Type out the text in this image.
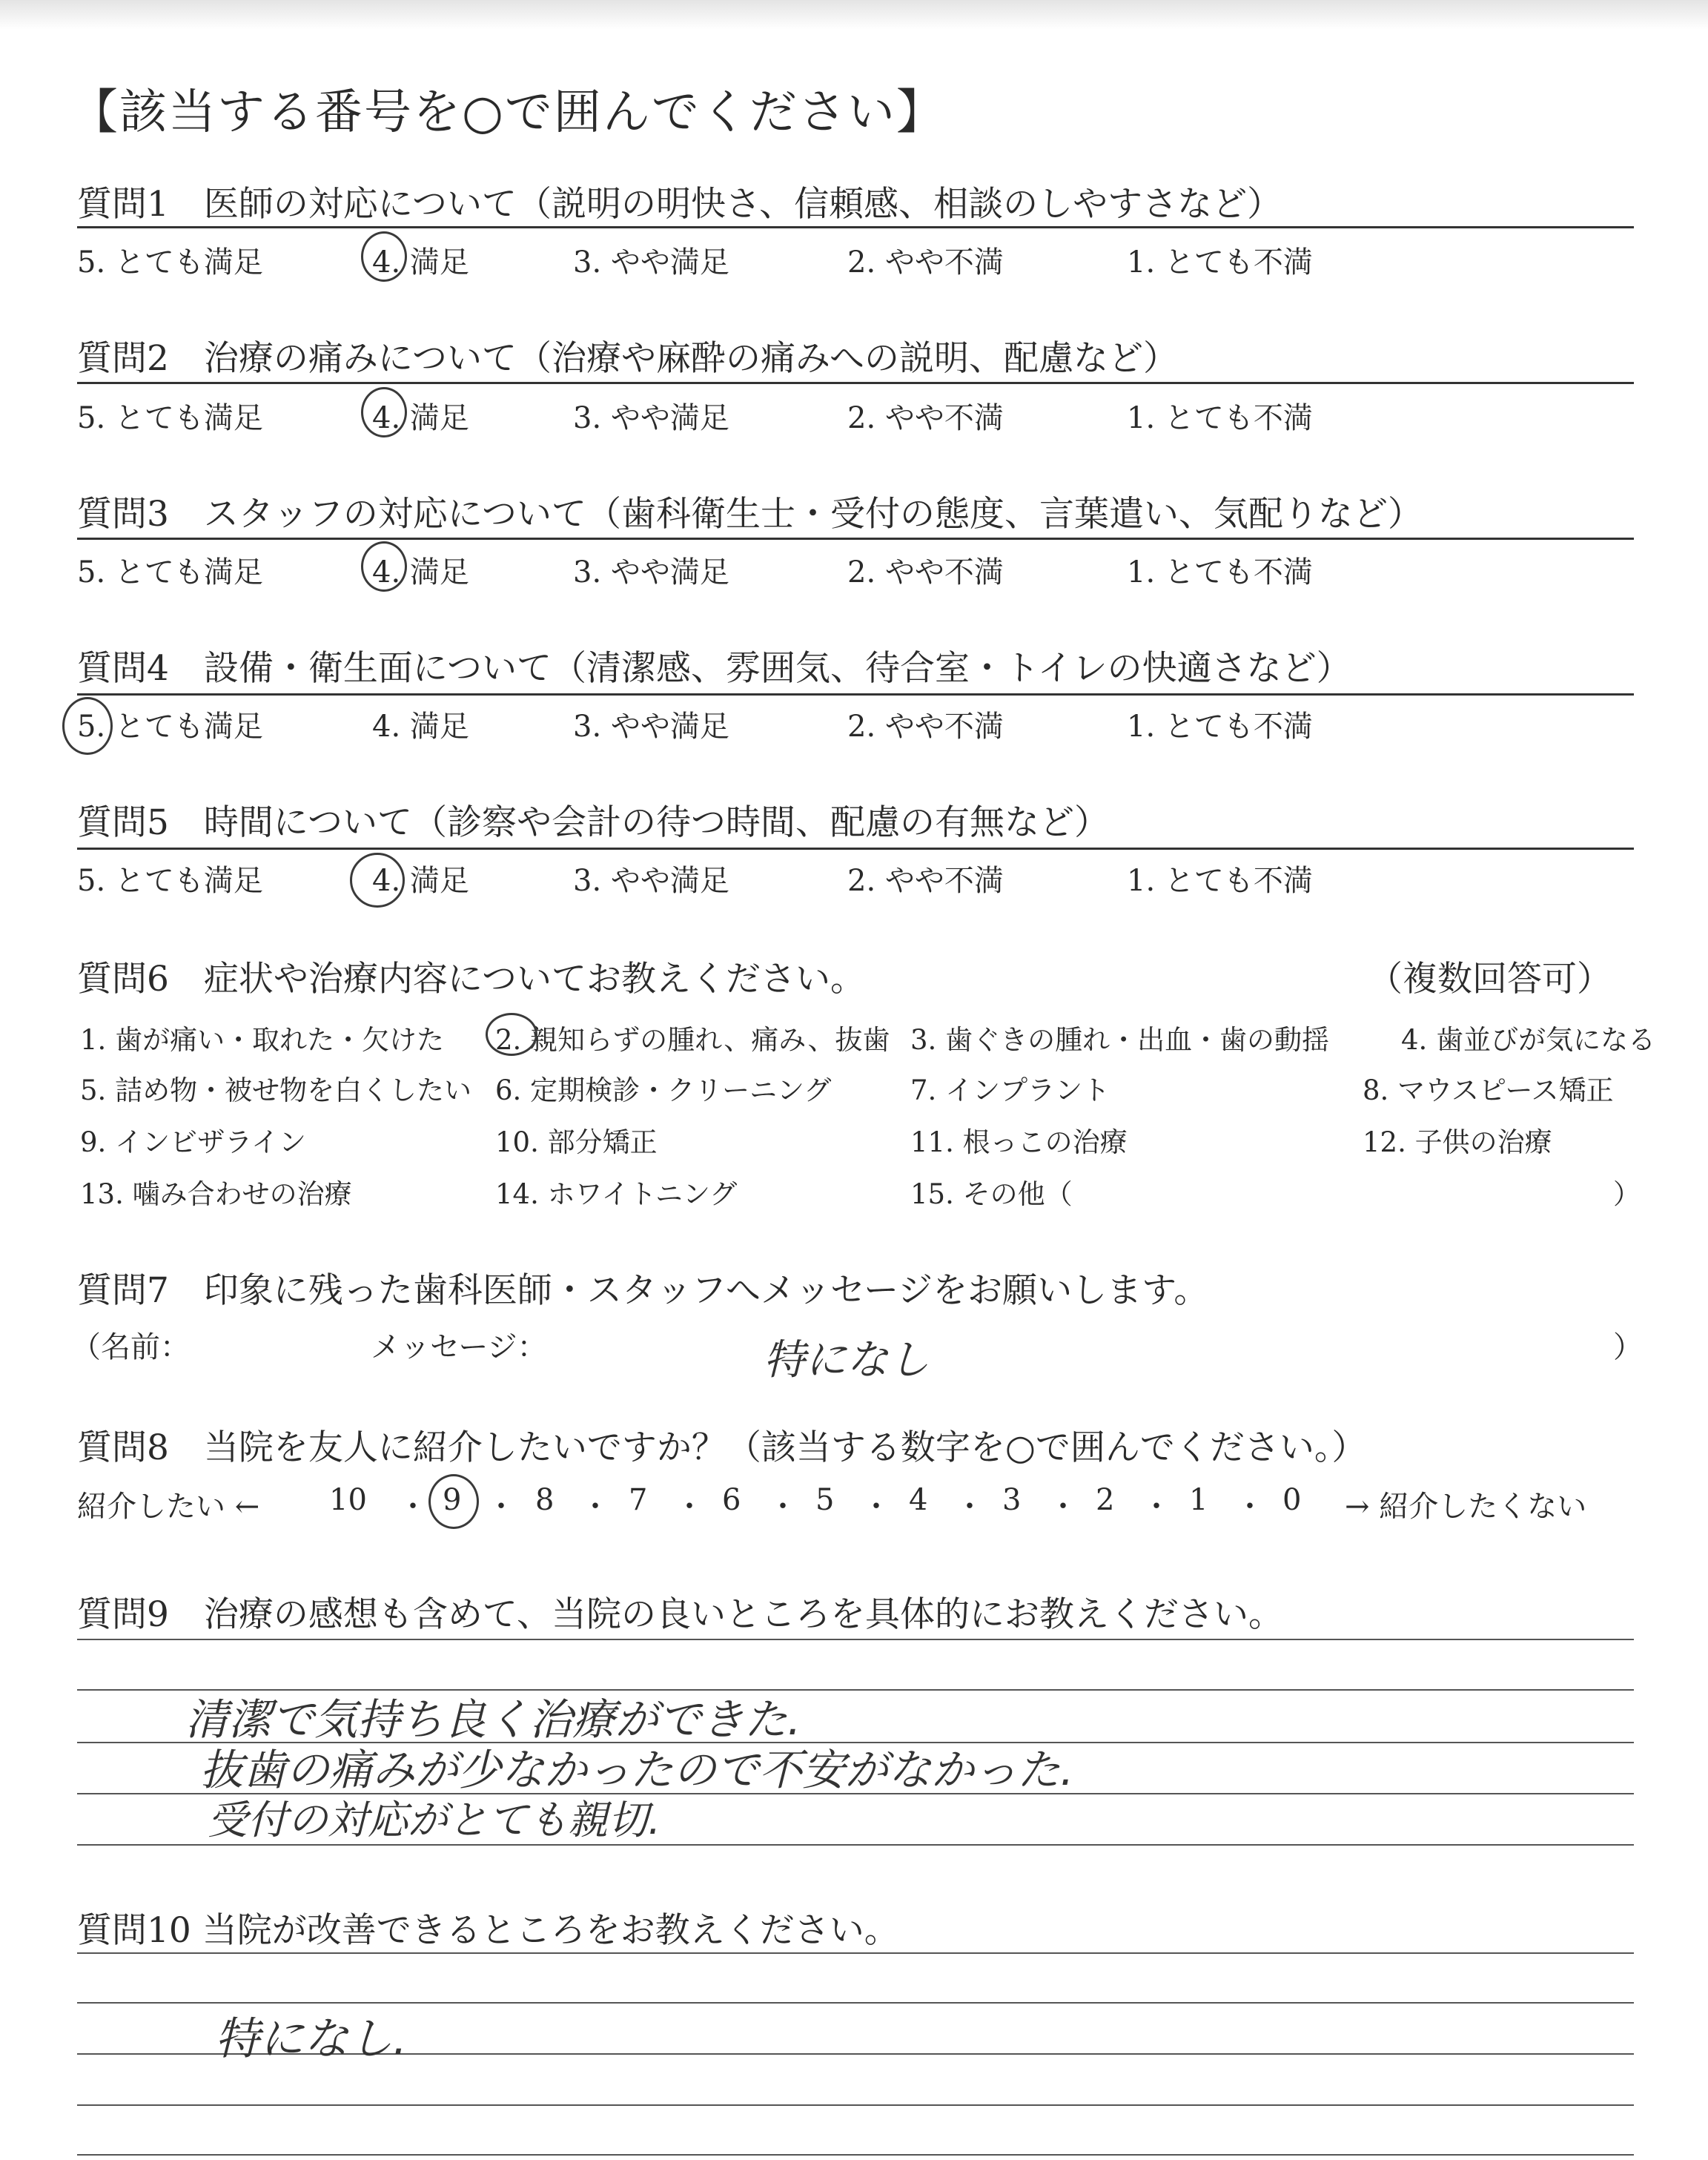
【該当する番号を○で囲んでください】
質問1　医師の対応について（説明の明快さ、信頼感、相談のしやすさなど）
5. とても満足	4. 満足	3. やや満足	2. やや不満	1. とても不満
質問2　治療の痛みについて（治療や麻酔の痛みへの説明、配慮など）
5. とても満足	4. 満足	3. やや満足	2. やや不満	1. とても不満
質問3　スタッフの対応について（歯科衛生士・受付の態度、言葉遣い、気配りなど）
5. とても満足	4. 満足	3. やや満足	2. やや不満	1. とても不満
質問4　設備・衛生面について（清潔感、雰囲気、待合室・トイレの快適さなど）
5. とても満足	4. 満足	3. やや満足	2. やや不満	1. とても不満
質問5　時間について（診察や会計の待つ時間、配慮の有無など）
5. とても満足	4. 満足	3. やや満足	2. やや不満	1. とても不満
質問6　症状や治療内容についてお教えください。	（複数回答可）
1. 歯が痛い・取れた・欠けた 2. 親知らずの腫れ、痛み、抜歯 3. 歯ぐきの腫れ・出血・歯の動揺	4. 歯並びが気になる
5. 詰め物・被せ物を白くしたい 6. 定期検診・クリーニング	7. インプラント	8. マウスピース矯正
9. インビザライン	10. 部分矯正	11. 根っこの治療	12. 子供の治療
13. 噛み合わせの治療	14. ホワイトニング	15. その他（	）
質問7　印象に残った歯科医師・スタッフへメッセージをお願いします。
（名前：	メッセージ：	特になし	）
質問8　当院を友人に紹介したいですか？（該当する数字を○で囲んでください。）
紹介したい ← 10 ・ 9 ・ 8 ・ 7 ・ 6 ・ 5 ・ 4 ・ 3 ・ 2 ・ 1 ・ 0 → 紹介したくない
質問9　治療の感想も含めて、当院の良いところを具体的にお教えください。
清潔で気持ち良く治療ができた.
抜歯の痛みが少なかったので不安がなかった.
受付の対応がとても親切.
質問10 当院が改善できるところをお教えください。
特になし.
